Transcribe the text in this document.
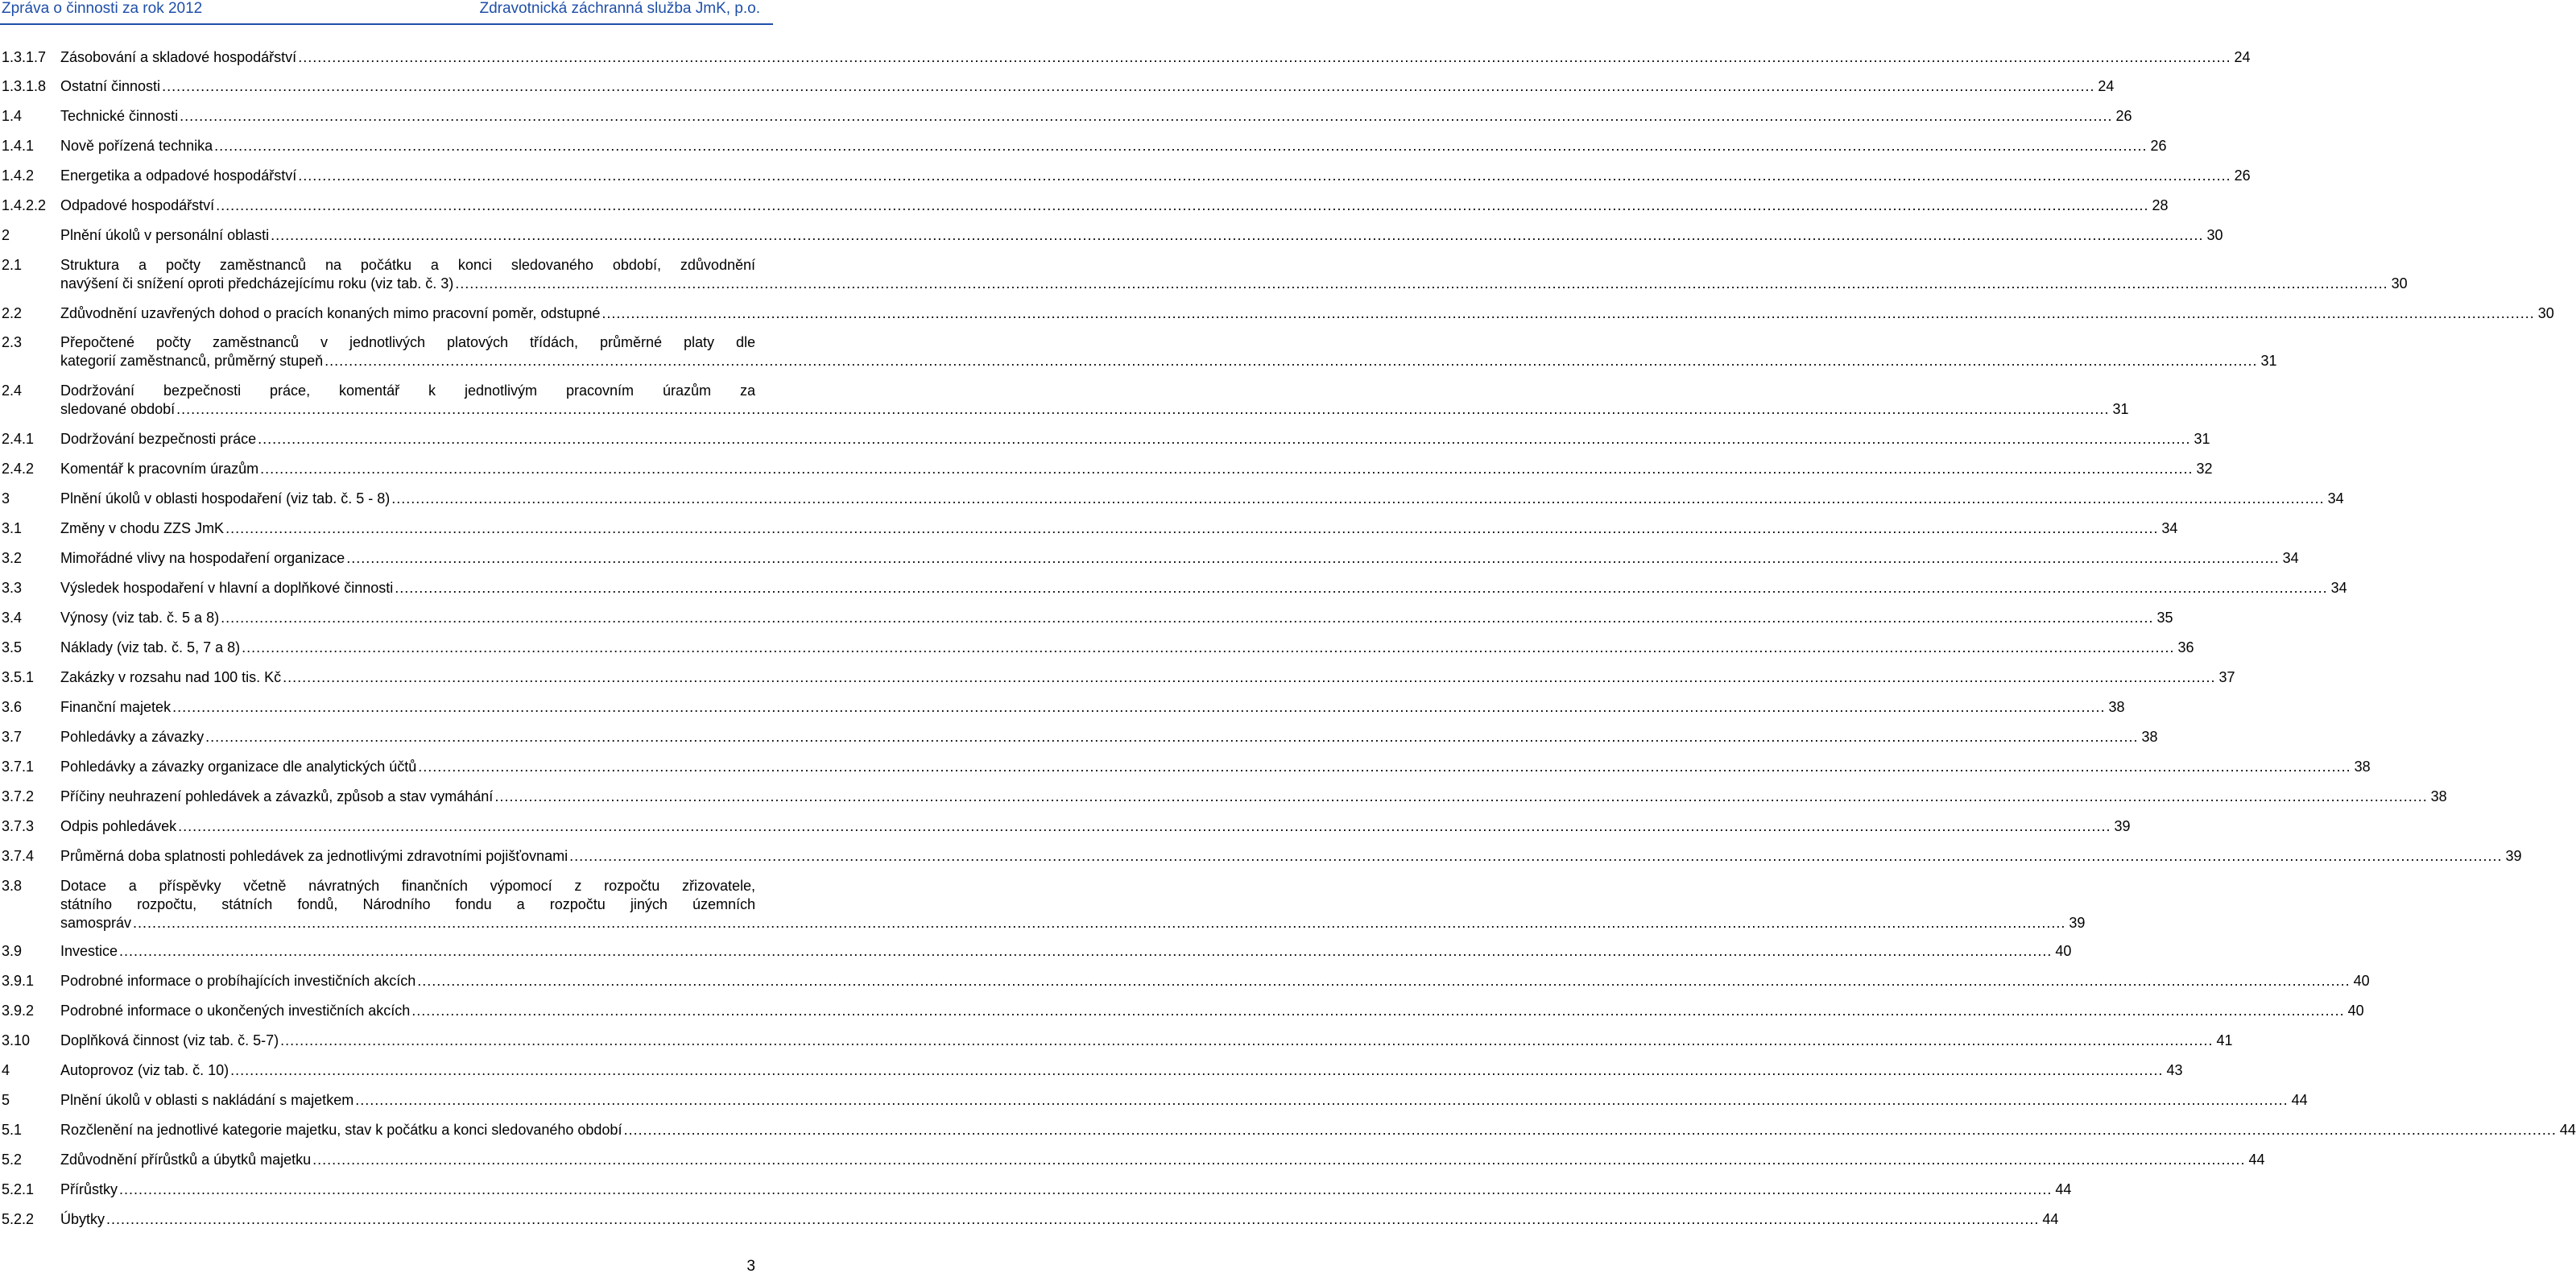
Zpráva o činnosti za rok 2012	Zdravotnická záchranná služba JmK, p.o.
1.3.1.7 Zásobování a skladové hospodářství ................................................................................................................................................................................................................................................................................................................................................................................................................ 24
1.3.1.8 Ostatní činnosti ................................................................................................................................................................................................................................................................................................................................................................................................................ 24
1.4	Technické činnosti ................................................................................................................................................................................................................................................................................................................................................................................................................ 26
1.4.1 Nově pořízená technika ................................................................................................................................................................................................................................................................................................................................................................................................................ 26
1.4.2 Energetika a odpadové hospodářství ................................................................................................................................................................................................................................................................................................................................................................................................................ 26
1.4.2.2 Odpadové hospodářství ................................................................................................................................................................................................................................................................................................................................................................................................................ 28
2	Plnění úkolů v personální oblasti ................................................................................................................................................................................................................................................................................................................................................................................................................ 30
2.1	Struktura a počty zaměstnanců na počátku a konci sledovaného období, zdůvodnění
navýšení či snížení oproti předcházejícímu roku (viz tab. č. 3) ................................................................................................................................................................................................................................................................................................................................................................................................................ 30
2.2	Zdůvodnění uzavřených dohod o pracích konaných mimo pracovní poměr, odstupné ................................................................................................................................................................................................................................................................................................................................................................................................................ 30
2.3	Přepočtené počty zaměstnanců v jednotlivých platových třídách, průměrné platy dle
kategorií zaměstnanců, průměrný stupeň ................................................................................................................................................................................................................................................................................................................................................................................................................ 31
2.4	Dodržování bezpečnosti práce, komentář k jednotlivým pracovním úrazům za
sledované období ................................................................................................................................................................................................................................................................................................................................................................................................................ 31
2.4.1 Dodržování bezpečnosti práce ................................................................................................................................................................................................................................................................................................................................................................................................................ 31
2.4.2 Komentář k pracovním úrazům ................................................................................................................................................................................................................................................................................................................................................................................................................ 32
3	Plnění úkolů v oblasti hospodaření (viz tab. č. 5 - 8) ................................................................................................................................................................................................................................................................................................................................................................................................................ 34
3.1	Změny v chodu ZZS JmK ................................................................................................................................................................................................................................................................................................................................................................................................................ 34
3.2	Mimořádné vlivy na hospodaření organizace ................................................................................................................................................................................................................................................................................................................................................................................................................ 34
3.3	Výsledek hospodaření v hlavní a doplňkové činnosti ................................................................................................................................................................................................................................................................................................................................................................................................................ 34
3.4	Výnosy (viz tab. č. 5 a 8) ................................................................................................................................................................................................................................................................................................................................................................................................................ 35
3.5	Náklady (viz tab. č. 5, 7 a 8) ................................................................................................................................................................................................................................................................................................................................................................................................................ 36
3.5.1 Zakázky v rozsahu nad 100 tis. Kč ................................................................................................................................................................................................................................................................................................................................................................................................................ 37
3.6	Finanční majetek ................................................................................................................................................................................................................................................................................................................................................................................................................ 38
3.7	Pohledávky a závazky ................................................................................................................................................................................................................................................................................................................................................................................................................ 38
3.7.1 Pohledávky a závazky organizace dle analytických účtů ................................................................................................................................................................................................................................................................................................................................................................................................................ 38
3.7.2 Příčiny neuhrazení pohledávek a závazků, způsob a stav vymáhání ................................................................................................................................................................................................................................................................................................................................................................................................................ 38
3.7.3 Odpis pohledávek ................................................................................................................................................................................................................................................................................................................................................................................................................ 39
3.7.4 Průměrná doba splatnosti pohledávek za jednotlivými zdravotními pojišťovnami ................................................................................................................................................................................................................................................................................................................................................................................................................ 39
3.8	Dotace a příspěvky včetně návratných finančních výpomocí z rozpočtu zřizovatele,
státního rozpočtu, státních fondů, Národního fondu a rozpočtu jiných územních
samospráv ................................................................................................................................................................................................................................................................................................................................................................................................................ 39
3.9	Investice ................................................................................................................................................................................................................................................................................................................................................................................................................ 40
3.9.1 Podrobné informace o probíhajících investičních akcích ................................................................................................................................................................................................................................................................................................................................................................................................................ 40
3.9.2 Podrobné informace o ukončených investičních akcích ................................................................................................................................................................................................................................................................................................................................................................................................................ 40
3.10 Doplňková činnost (viz tab. č. 5-7) ................................................................................................................................................................................................................................................................................................................................................................................................................ 41
4	Autoprovoz (viz tab. č. 10) ................................................................................................................................................................................................................................................................................................................................................................................................................ 43
5	Plnění úkolů v oblasti s nakládání s majetkem ................................................................................................................................................................................................................................................................................................................................................................................................................ 44
5.1	Rozčlenění na jednotlivé kategorie majetku, stav k počátku a konci sledovaného období ................................................................................................................................................................................................................................................................................................................................................................................................................ 44
5.2	Zdůvodnění přírůstků a úbytků majetku ................................................................................................................................................................................................................................................................................................................................................................................................................ 44
5.2.1 Přírůstky ................................................................................................................................................................................................................................................................................................................................................................................................................ 44
5.2.2 Úbytky ................................................................................................................................................................................................................................................................................................................................................................................................................ 44
3
